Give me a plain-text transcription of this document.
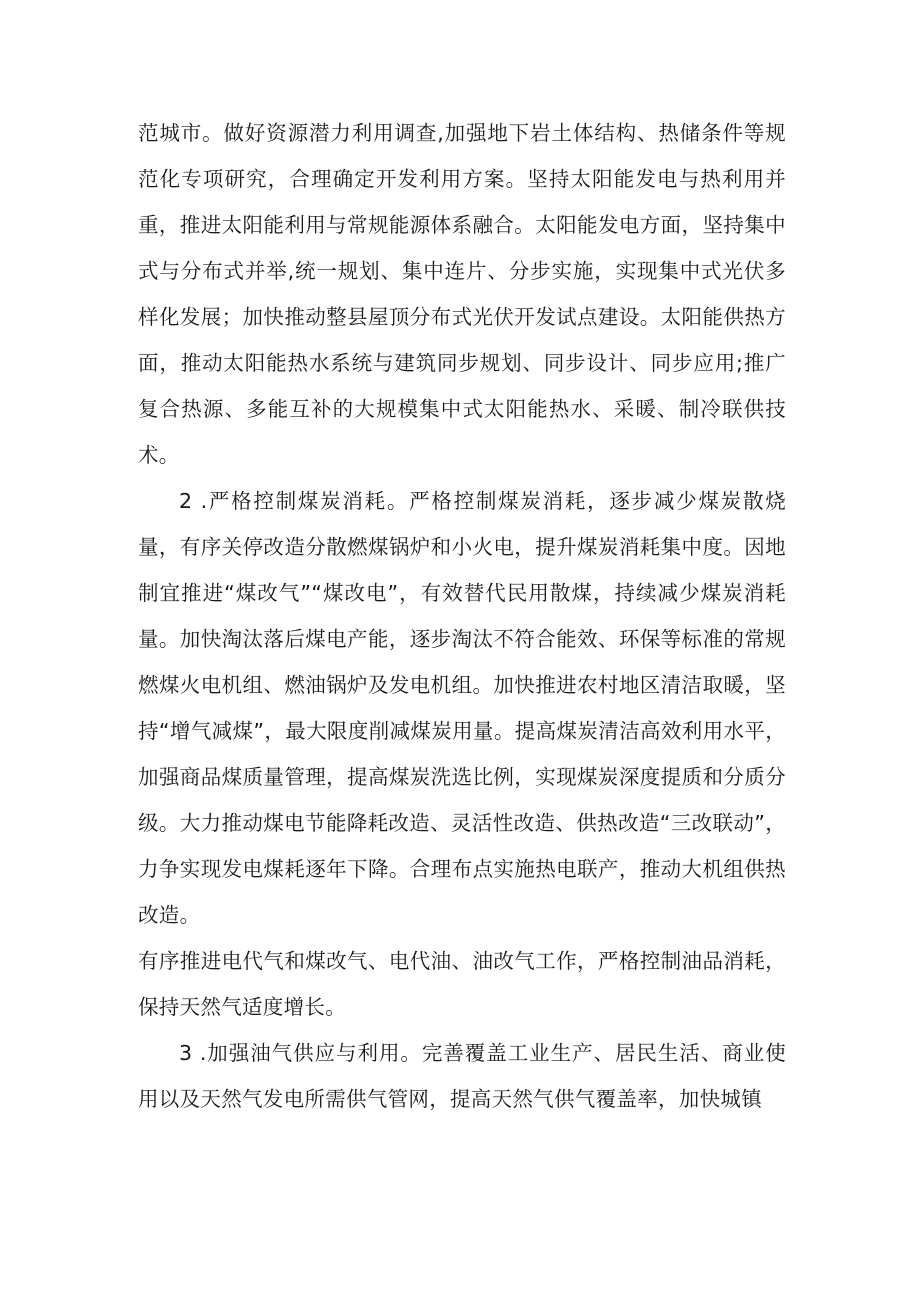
范城市。做好资源潜力利用调查,加强地下岩土体结构、热储条件等规范化专项研究，合理确定开发利用方案。坚持太阳能发电与热利用并重，推进太阳能利用与常规能源体系融合。太阳能发电方面，坚持集中式与分布式并举,统一规划、集中连片、分步实施，实现集中式光伏多样化发展；加快推动整县屋顶分布式光伏开发试点建设。太阳能供热方面，推动太阳能热水系统与建筑同步规划、同步设计、同步应用;推广复合热源、多能互补的大规模集中式太阳能热水、采暖、制冷联供技术。

2 .严格控制煤炭消耗。严格控制煤炭消耗，逐步减少煤炭散烧量，有序关停改造分散燃煤锅炉和小火电，提升煤炭消耗集中度。因地制宜推进“煤改气”“煤改电”，有效替代民用散煤，持续减少煤炭消耗量。加快淘汰落后煤电产能，逐步淘汰不符合能效、环保等标准的常规燃煤火电机组、燃油锅炉及发电机组。加快推进农村地区清洁取暖，坚持“增气减煤”，最大限度削减煤炭用量。提高煤炭清洁高效利用水平，加强商品煤质量管理，提高煤炭洗选比例，实现煤炭深度提质和分质分级。大力推动煤电节能降耗改造、灵活性改造、供热改造“三改联动”，力争实现发电煤耗逐年下降。合理布点实施热电联产，推动大机组供热改造。

有序推进电代气和煤改气、电代油、油改气工作，严格控制油品消耗，保持天然气适度增长。

3 .加强油气供应与利用。完善覆盖工业生产、居民生活、商业使用以及天然气发电所需供气管网，提高天然气供气覆盖率，加快城镇
